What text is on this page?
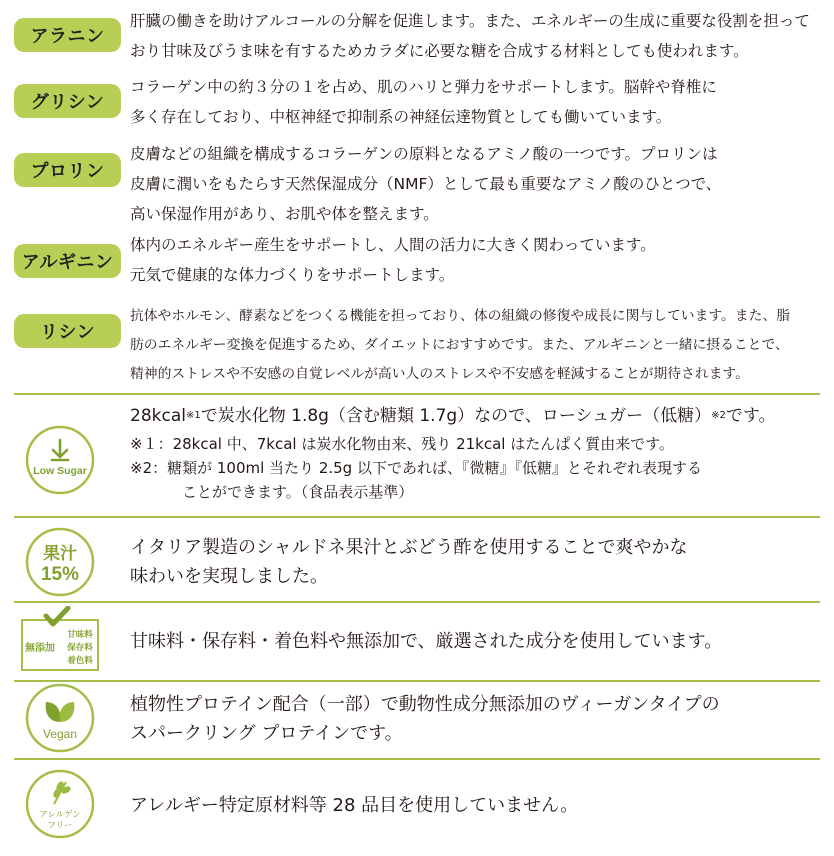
アラニン
肝臓の働きを助けアルコールの分解を促進します。また、エネルギーの生成に重要な役割を担って
おり甘味及びうま味を有するためカラダに必要な糖を合成する材料としても使われます。
グリシン
コラーゲン中の約３分の１を占め、肌のハリと弾力をサポートします。脳幹や脊椎に
多く存在しており、中枢神経で抑制系の神経伝達物質としても働いています。
プロリン
皮膚などの組織を構成するコラーゲンの原料となるアミノ酸の一つです。プロリンは
皮膚に潤いをもたらす天然保湿成分（NMF）として最も重要なアミノ酸のひとつで、
高い保湿作用があり、お肌や体を整えます。
アルギニン
体内のエネルギー産生をサポートし、人間の活力に大きく関わっています。
元気で健康的な体力づくりをサポートします。
リシン
抗体やホルモン、酵素などをつくる機能を担っており、体の組織の修復や成長に関与しています。また、脂
肪のエネルギー変換を促進するため、ダイエットにおすすめです。また、アルギニンと一緒に摂ることで、
精神的ストレスや不安感の自覚レベルが高い人のストレスや不安感を軽減することが期待されます。
Low Sugar
28kcal$^{※1}$で炭水化物 1.8g（含む糖類 1.7g）なので、ローシュガー（低糖）$^{※2}$です。
※１：28kcal 中、7kcal は炭水化物由来、残り 21kcal はたんぱく質由来です。
※2：糖類が 100ml 当たり 2.5g 以下であれば、『微糖』『低糖』とそれぞれ表現する
ことができます。（食品表示基準）
果汁
15%
イタリア製造のシャルドネ果汁とぶどう酢を使用することで爽やかな
味わいを実現しました。
無添加
甘味料
保存料
着色料
甘味料・保存料・着色料や無添加で、厳選された成分を使用しています。
Vegan
植物性プロテイン配合（一部）で動物性成分無添加のヴィーガンタイプの
スパークリング プロテインです。
アレルゲン
フリー
アレルギー特定原材料等 28 品目を使用していません。
